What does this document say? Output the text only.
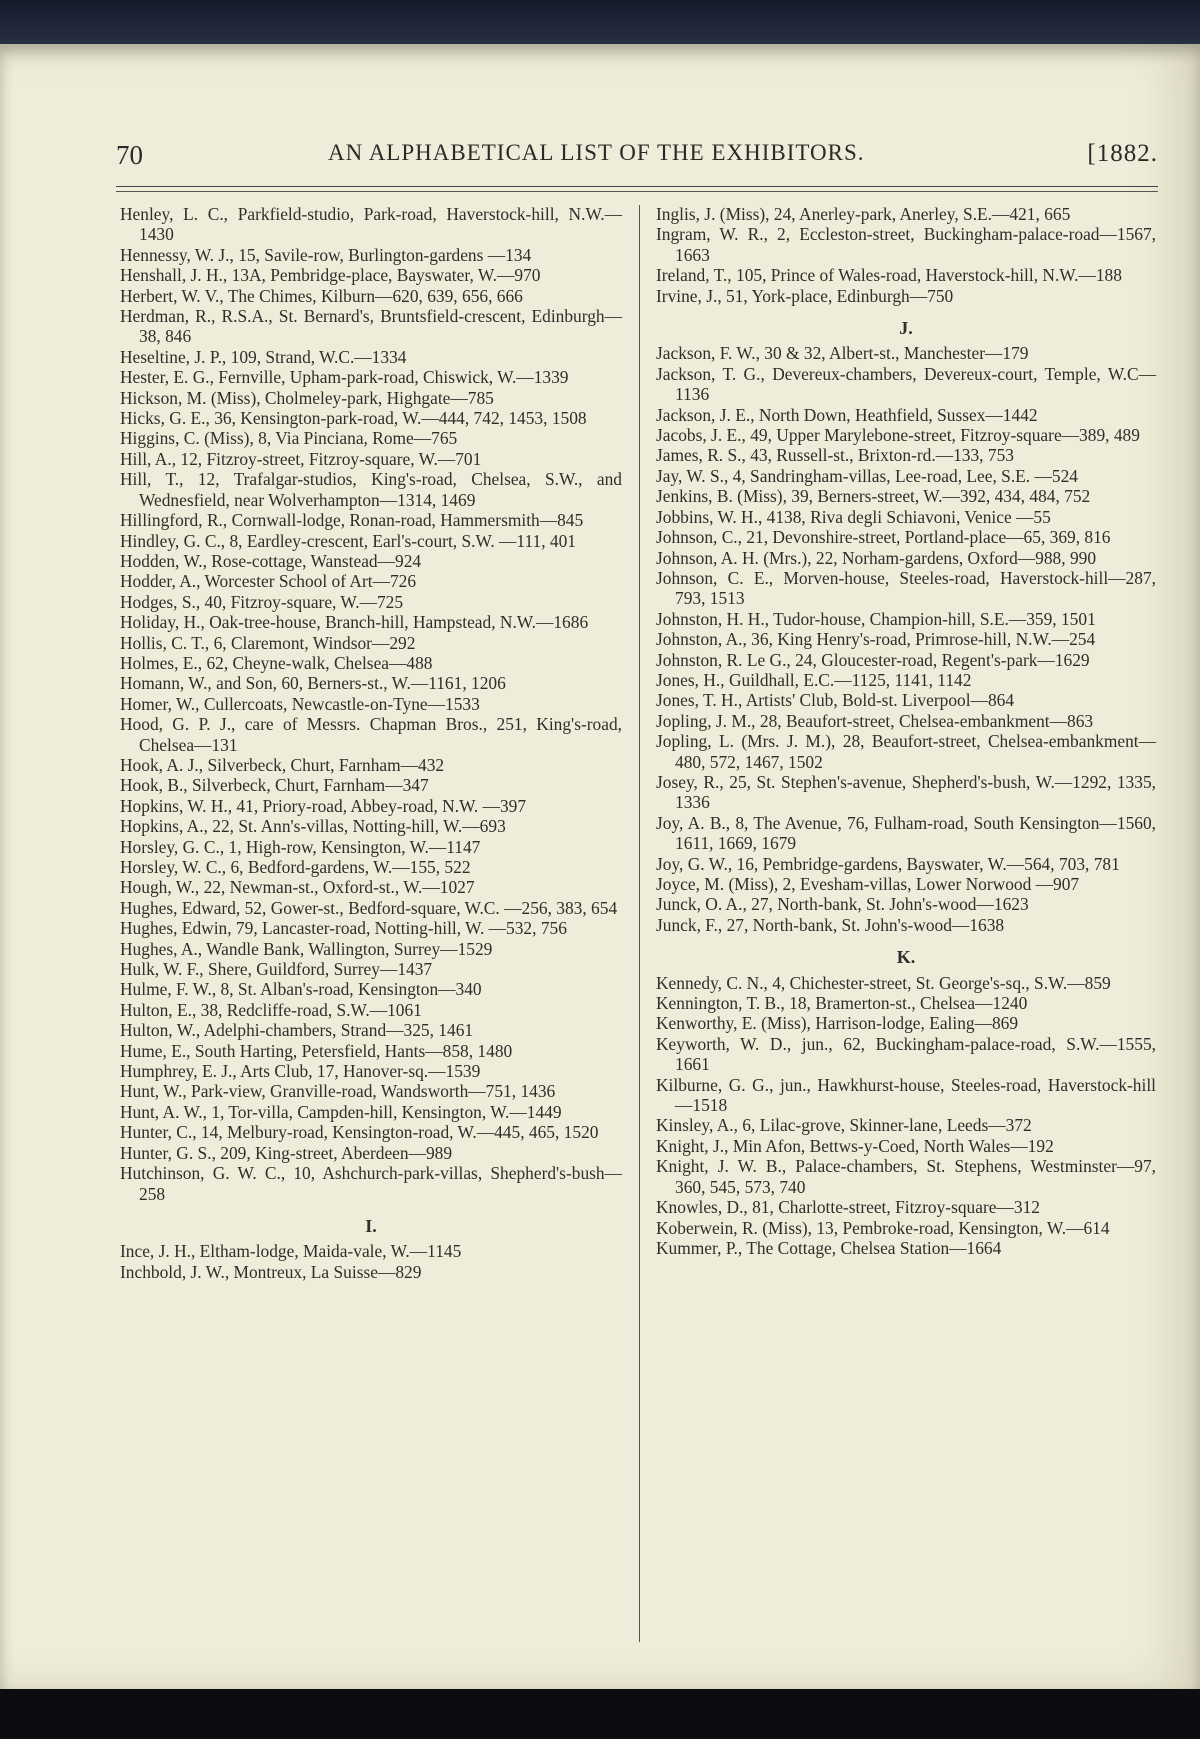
70	AN ALPHABETICAL LIST OF THE EXHIBITORS.	[1882.

Henley, L. C., Parkfield-studio, Park-road, Haverstock-hill, N.W.—1430

Hennessy, W. J., 15, Savile-row, Burlington-gardens —134

Henshall, J. H., 13A, Pembridge-place, Bayswater, W.—970

Herbert, W. V., The Chimes, Kilburn—620, 639, 656, 666

Herdman, R., R.S.A., St. Bernard's, Bruntsfield-crescent, Edinburgh—38, 846

Heseltine, J. P., 109, Strand, W.C.—1334

Hester, E. G., Fernville, Upham-park-road, Chiswick, W.—1339

Hickson, M. (Miss), Cholmeley-park, Highgate—785

Hicks, G. E., 36, Kensington-park-road, W.—444, 742, 1453, 1508

Higgins, C. (Miss), 8, Via Pinciana, Rome—765

Hill, A., 12, Fitzroy-street, Fitzroy-square, W.—701

Hill, T., 12, Trafalgar-studios, King's-road, Chelsea, S.W., and Wednesfield, near Wolverhampton—1314, 1469

Hillingford, R., Cornwall-lodge, Ronan-road, Hammersmith—845

Hindley, G. C., 8, Eardley-crescent, Earl's-court, S.W. —111, 401

Hodden, W., Rose-cottage, Wanstead—924

Hodder, A., Worcester School of Art—726

Hodges, S., 40, Fitzroy-square, W.—725

Holiday, H., Oak-tree-house, Branch-hill, Hampstead, N.W.—1686

Hollis, C. T., 6, Claremont, Windsor—292

Holmes, E., 62, Cheyne-walk, Chelsea—488

Homann, W., and Son, 60, Berners-st., W.—1161, 1206

Homer, W., Cullercoats, Newcastle-on-Tyne—1533

Hood, G. P. J., care of Messrs. Chapman Bros., 251, King's-road, Chelsea—131

Hook, A. J., Silverbeck, Churt, Farnham—432

Hook, B., Silverbeck, Churt, Farnham—347

Hopkins, W. H., 41, Priory-road, Abbey-road, N.W. —397

Hopkins, A., 22, St. Ann's-villas, Notting-hill, W.—693

Horsley, G. C., 1, High-row, Kensington, W.—1147

Horsley, W. C., 6, Bedford-gardens, W.—155, 522

Hough, W., 22, Newman-st., Oxford-st., W.—1027

Hughes, Edward, 52, Gower-st., Bedford-square, W.C. —256, 383, 654

Hughes, Edwin, 79, Lancaster-road, Notting-hill, W. —532, 756

Hughes, A., Wandle Bank, Wallington, Surrey—1529

Hulk, W. F., Shere, Guildford, Surrey—1437

Hulme, F. W., 8, St. Alban's-road, Kensington—340

Hulton, E., 38, Redcliffe-road, S.W.—1061

Hulton, W., Adelphi-chambers, Strand—325, 1461

Hume, E., South Harting, Petersfield, Hants—858, 1480

Humphrey, E. J., Arts Club, 17, Hanover-sq.—1539

Hunt, W., Park-view, Granville-road, Wandsworth—751, 1436

Hunt, A. W., 1, Tor-villa, Campden-hill, Kensington, W.—1449

Hunter, C., 14, Melbury-road, Kensington-road, W.—445, 465, 1520

Hunter, G. S., 209, King-street, Aberdeen—989

Hutchinson, G. W. C., 10, Ashchurch-park-villas, Shepherd's-bush—258

I.

Ince, J. H., Eltham-lodge, Maida-vale, W.—1145

Inchbold, J. W., Montreux, La Suisse—829

Inglis, J. (Miss), 24, Anerley-park, Anerley, S.E.—421, 665

Ingram, W. R., 2, Eccleston-street, Buckingham-palace-road—1567, 1663

Ireland, T., 105, Prince of Wales-road, Haverstock-hill, N.W.—188

Irvine, J., 51, York-place, Edinburgh—750

J.

Jackson, F. W., 30 & 32, Albert-st., Manchester—179

Jackson, T. G., Devereux-chambers, Devereux-court, Temple, W.C—1136

Jackson, J. E., North Down, Heathfield, Sussex—1442

Jacobs, J. E., 49, Upper Marylebone-street, Fitzroy-square—389, 489

James, R. S., 43, Russell-st., Brixton-rd.—133, 753

Jay, W. S., 4, Sandringham-villas, Lee-road, Lee, S.E. —524

Jenkins, B. (Miss), 39, Berners-street, W.—392, 434, 484, 752

Jobbins, W. H., 4138, Riva degli Schiavoni, Venice —55

Johnson, C., 21, Devonshire-street, Portland-place—65, 369, 816

Johnson, A. H. (Mrs.), 22, Norham-gardens, Oxford—988, 990

Johnson, C. E., Morven-house, Steeles-road, Haverstock-hill—287, 793, 1513

Johnston, H. H., Tudor-house, Champion-hill, S.E.—359, 1501

Johnston, A., 36, King Henry's-road, Primrose-hill, N.W.—254

Johnston, R. Le G., 24, Gloucester-road, Regent's-park—1629

Jones, H., Guildhall, E.C.—1125, 1141, 1142

Jones, T. H., Artists' Club, Bold-st. Liverpool—864

Jopling, J. M., 28, Beaufort-street, Chelsea-embankment—863

Jopling, L. (Mrs. J. M.), 28, Beaufort-street, Chelsea-embankment—480, 572, 1467, 1502

Josey, R., 25, St. Stephen's-avenue, Shepherd's-bush, W.—1292, 1335, 1336

Joy, A. B., 8, The Avenue, 76, Fulham-road, South Kensington—1560, 1611, 1669, 1679

Joy, G. W., 16, Pembridge-gardens, Bayswater, W.—564, 703, 781

Joyce, M. (Miss), 2, Evesham-villas, Lower Norwood —907

Junck, O. A., 27, North-bank, St. John's-wood—1623

Junck, F., 27, North-bank, St. John's-wood—1638

K.

Kennedy, C. N., 4, Chichester-street, St. George's-sq., S.W.—859

Kennington, T. B., 18, Bramerton-st., Chelsea—1240

Kenworthy, E. (Miss), Harrison-lodge, Ealing—869

Keyworth, W. D., jun., 62, Buckingham-palace-road, S.W.—1555, 1661

Kilburne, G. G., jun., Hawkhurst-house, Steeles-road, Haverstock-hill—1518

Kinsley, A., 6, Lilac-grove, Skinner-lane, Leeds—372

Knight, J., Min Afon, Bettws-y-Coed, North Wales—192

Knight, J. W. B., Palace-chambers, St. Stephens, Westminster—97, 360, 545, 573, 740

Knowles, D., 81, Charlotte-street, Fitzroy-square—312

Koberwein, R. (Miss), 13, Pembroke-road, Kensington, W.—614

Kummer, P., The Cottage, Chelsea Station—1664
